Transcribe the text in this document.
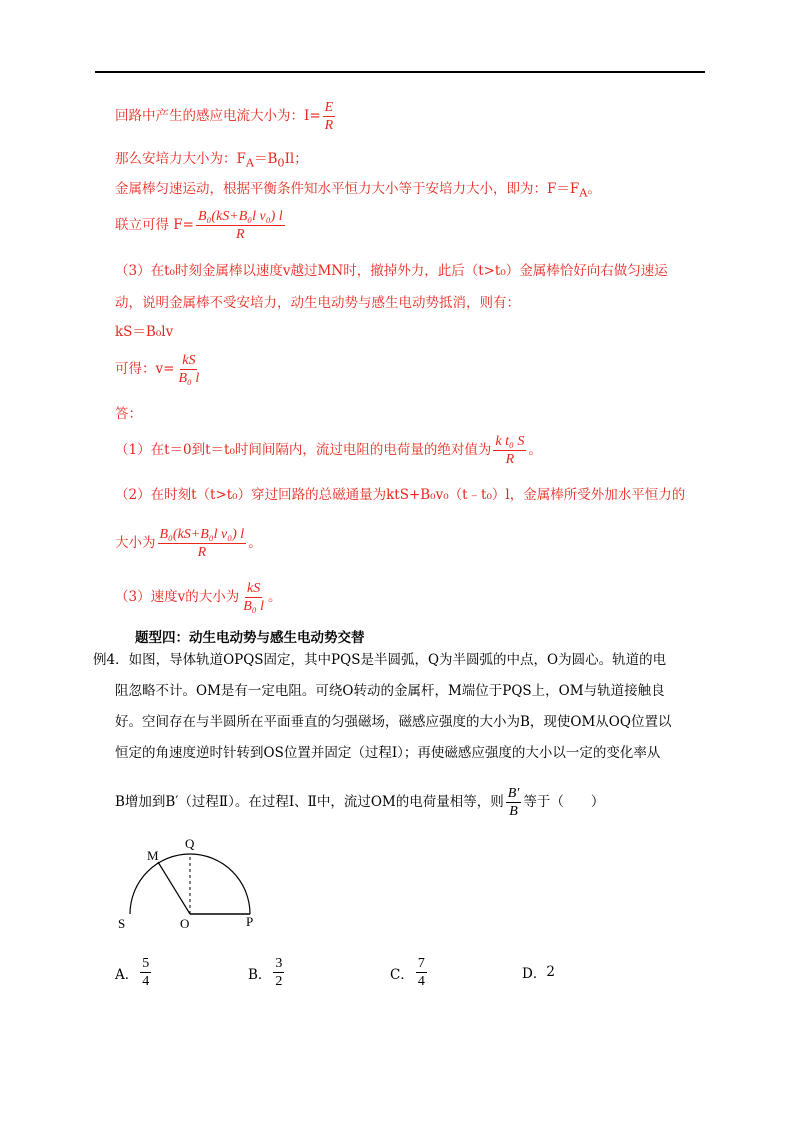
回路中产生的感应电流大小为：$I= \frac{E}{R}$
那么安培力大小为：$F_A=B_0Il$；
金属棒匀速运动，根据平衡条件知水平恒力大小等于安培力大小，即为：$F=F_A$。
联立可得 $F= \frac{\text{B₀(kS+B₀l v₀) l}}{R}$
（3）在t₀时刻金属棒以速度v越过MN时，撤掉外力，此后（t>t₀）金属棒恰好向右做匀速运
动，说明金属棒不受安培力，动生电动势与感生电动势抵消，则有：
kS＝B₀lv
可得：$v= \frac{kS}{\text{B₀ l}}$
答：
（1）在t＝0到t＝t₀时间间隔内，流过电阻的电荷量的绝对值为 $\frac{\text{k t₀ S}}{R}$ 。
（2）在时刻t（t>t₀）穿过回路的总磁通量为ktS+B₀v₀（t﹣t₀）l，金属棒所受外加水平恒力的
大小为 $\frac{\text{B₀(kS+B₀l v₀) l}}{R}$ 。
（3）速度v的大小为 $\frac{kS}{\text{B₀ l}}$ 。
题型四：动生电动势与感生电动势交替
例4．如图，导体轨道OPQS固定，其中PQS是半圆弧，Q为半圆弧的中点，O为圆心。轨道的电
阻忽略不计。OM是有一定电阻。可绕O转动的金属杆，M端位于PQS上，OM与轨道接触良
好。空间存在与半圆所在平面垂直的匀强磁场，磁感应强度的大小为B，现使OM从OQ位置以
恒定的角速度逆时针转到OS位置并固定（过程Ⅰ）；再使磁感应强度的大小以一定的变化率从
B增加到B′（过程Ⅱ）。在过程Ⅰ、Ⅱ中，流过OM的电荷量相等，则 $\frac{B'}{B}$ 等于（　　）
M
Q
S	O	P
A． $\frac{5}{4}$	B． $\frac{3}{2}$	C． $\frac{7}{4}$	D． 2
